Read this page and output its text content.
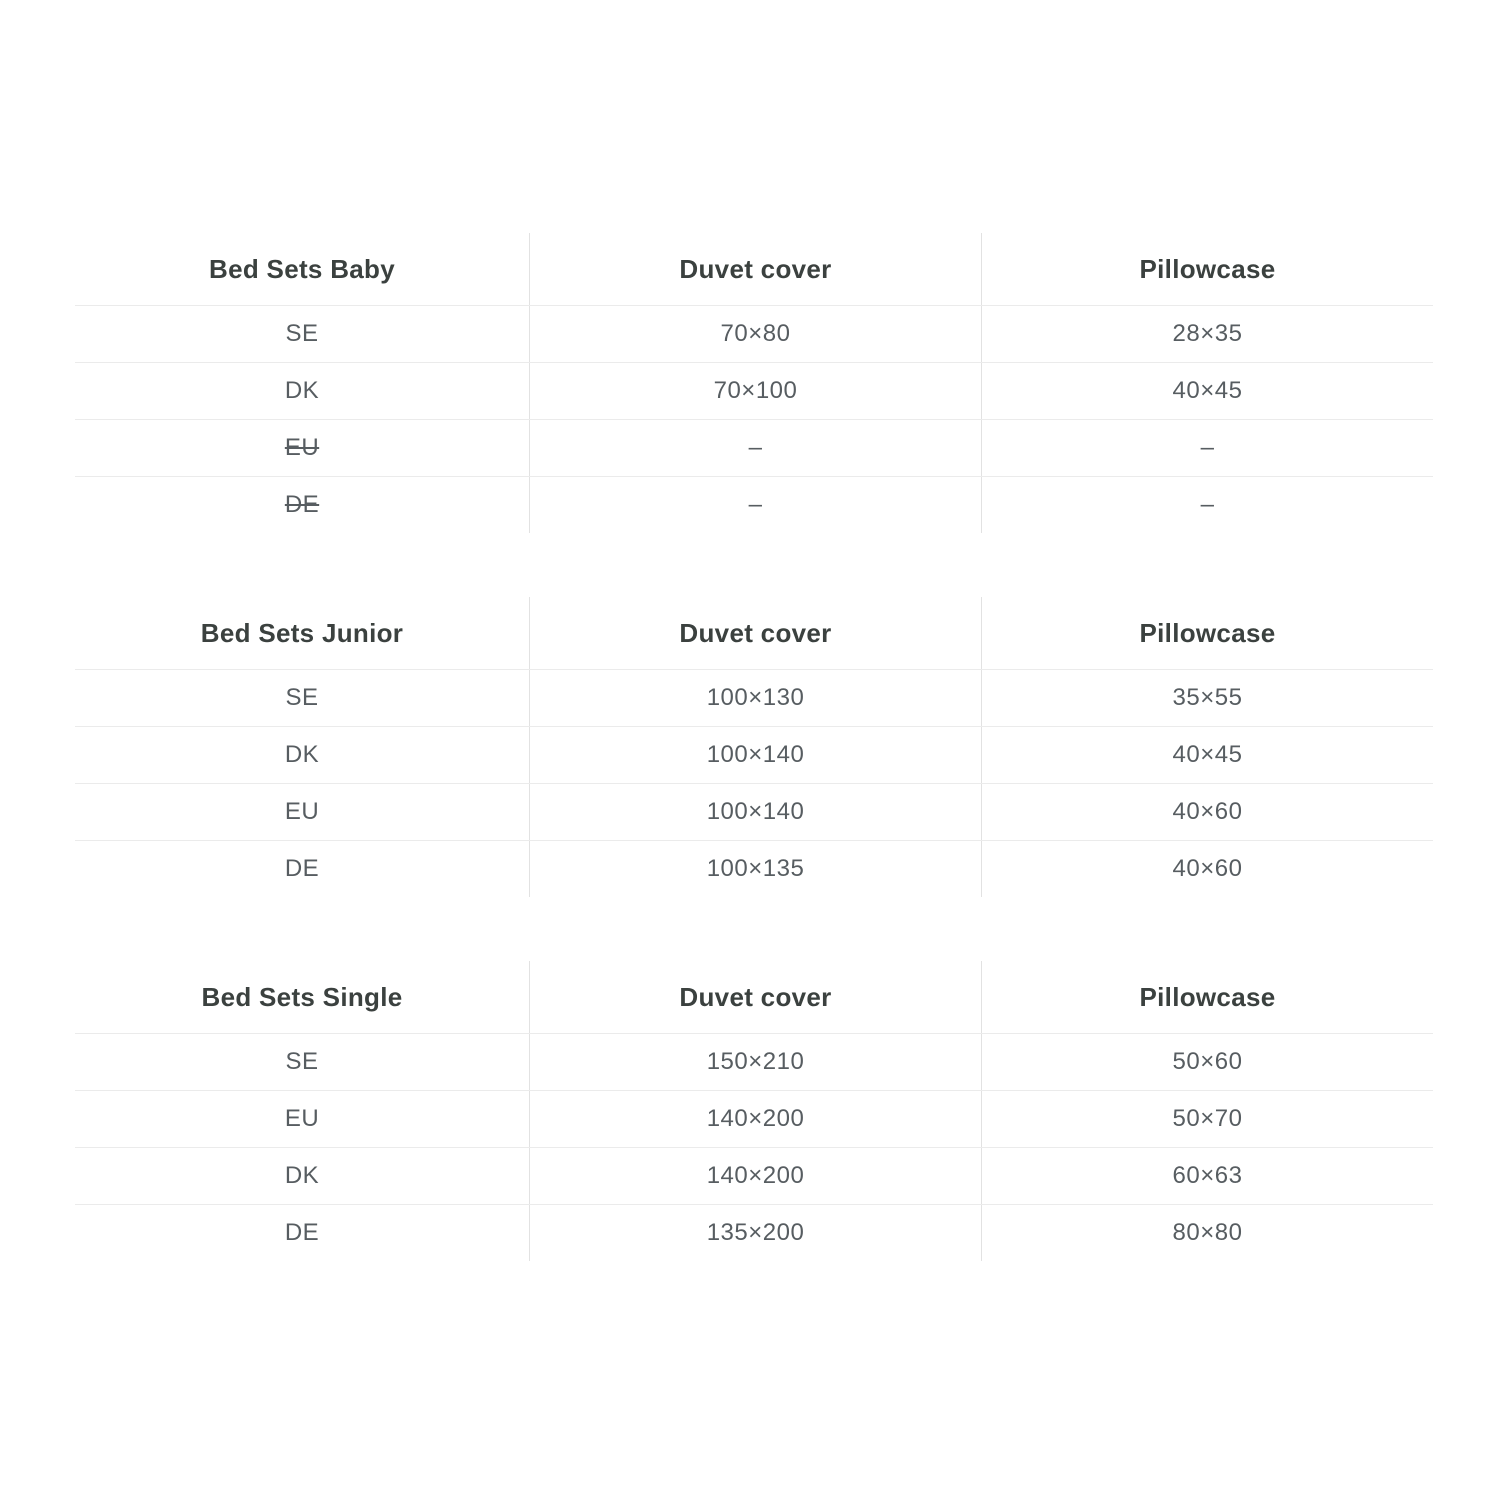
Bed Sets Baby	Duvet cover	Pillowcase
SE	70×80	28×35
DK	70×100	40×45
EU	–	–
DE	–	–
Bed Sets Junior	Duvet cover	Pillowcase
SE	100×130	35×55
DK	100×140	40×45
EU	100×140	40×60
DE	100×135	40×60
Bed Sets Single	Duvet cover	Pillowcase
SE	150×210	50×60
EU	140×200	50×70
DK	140×200	60×63
DE	135×200	80×80
